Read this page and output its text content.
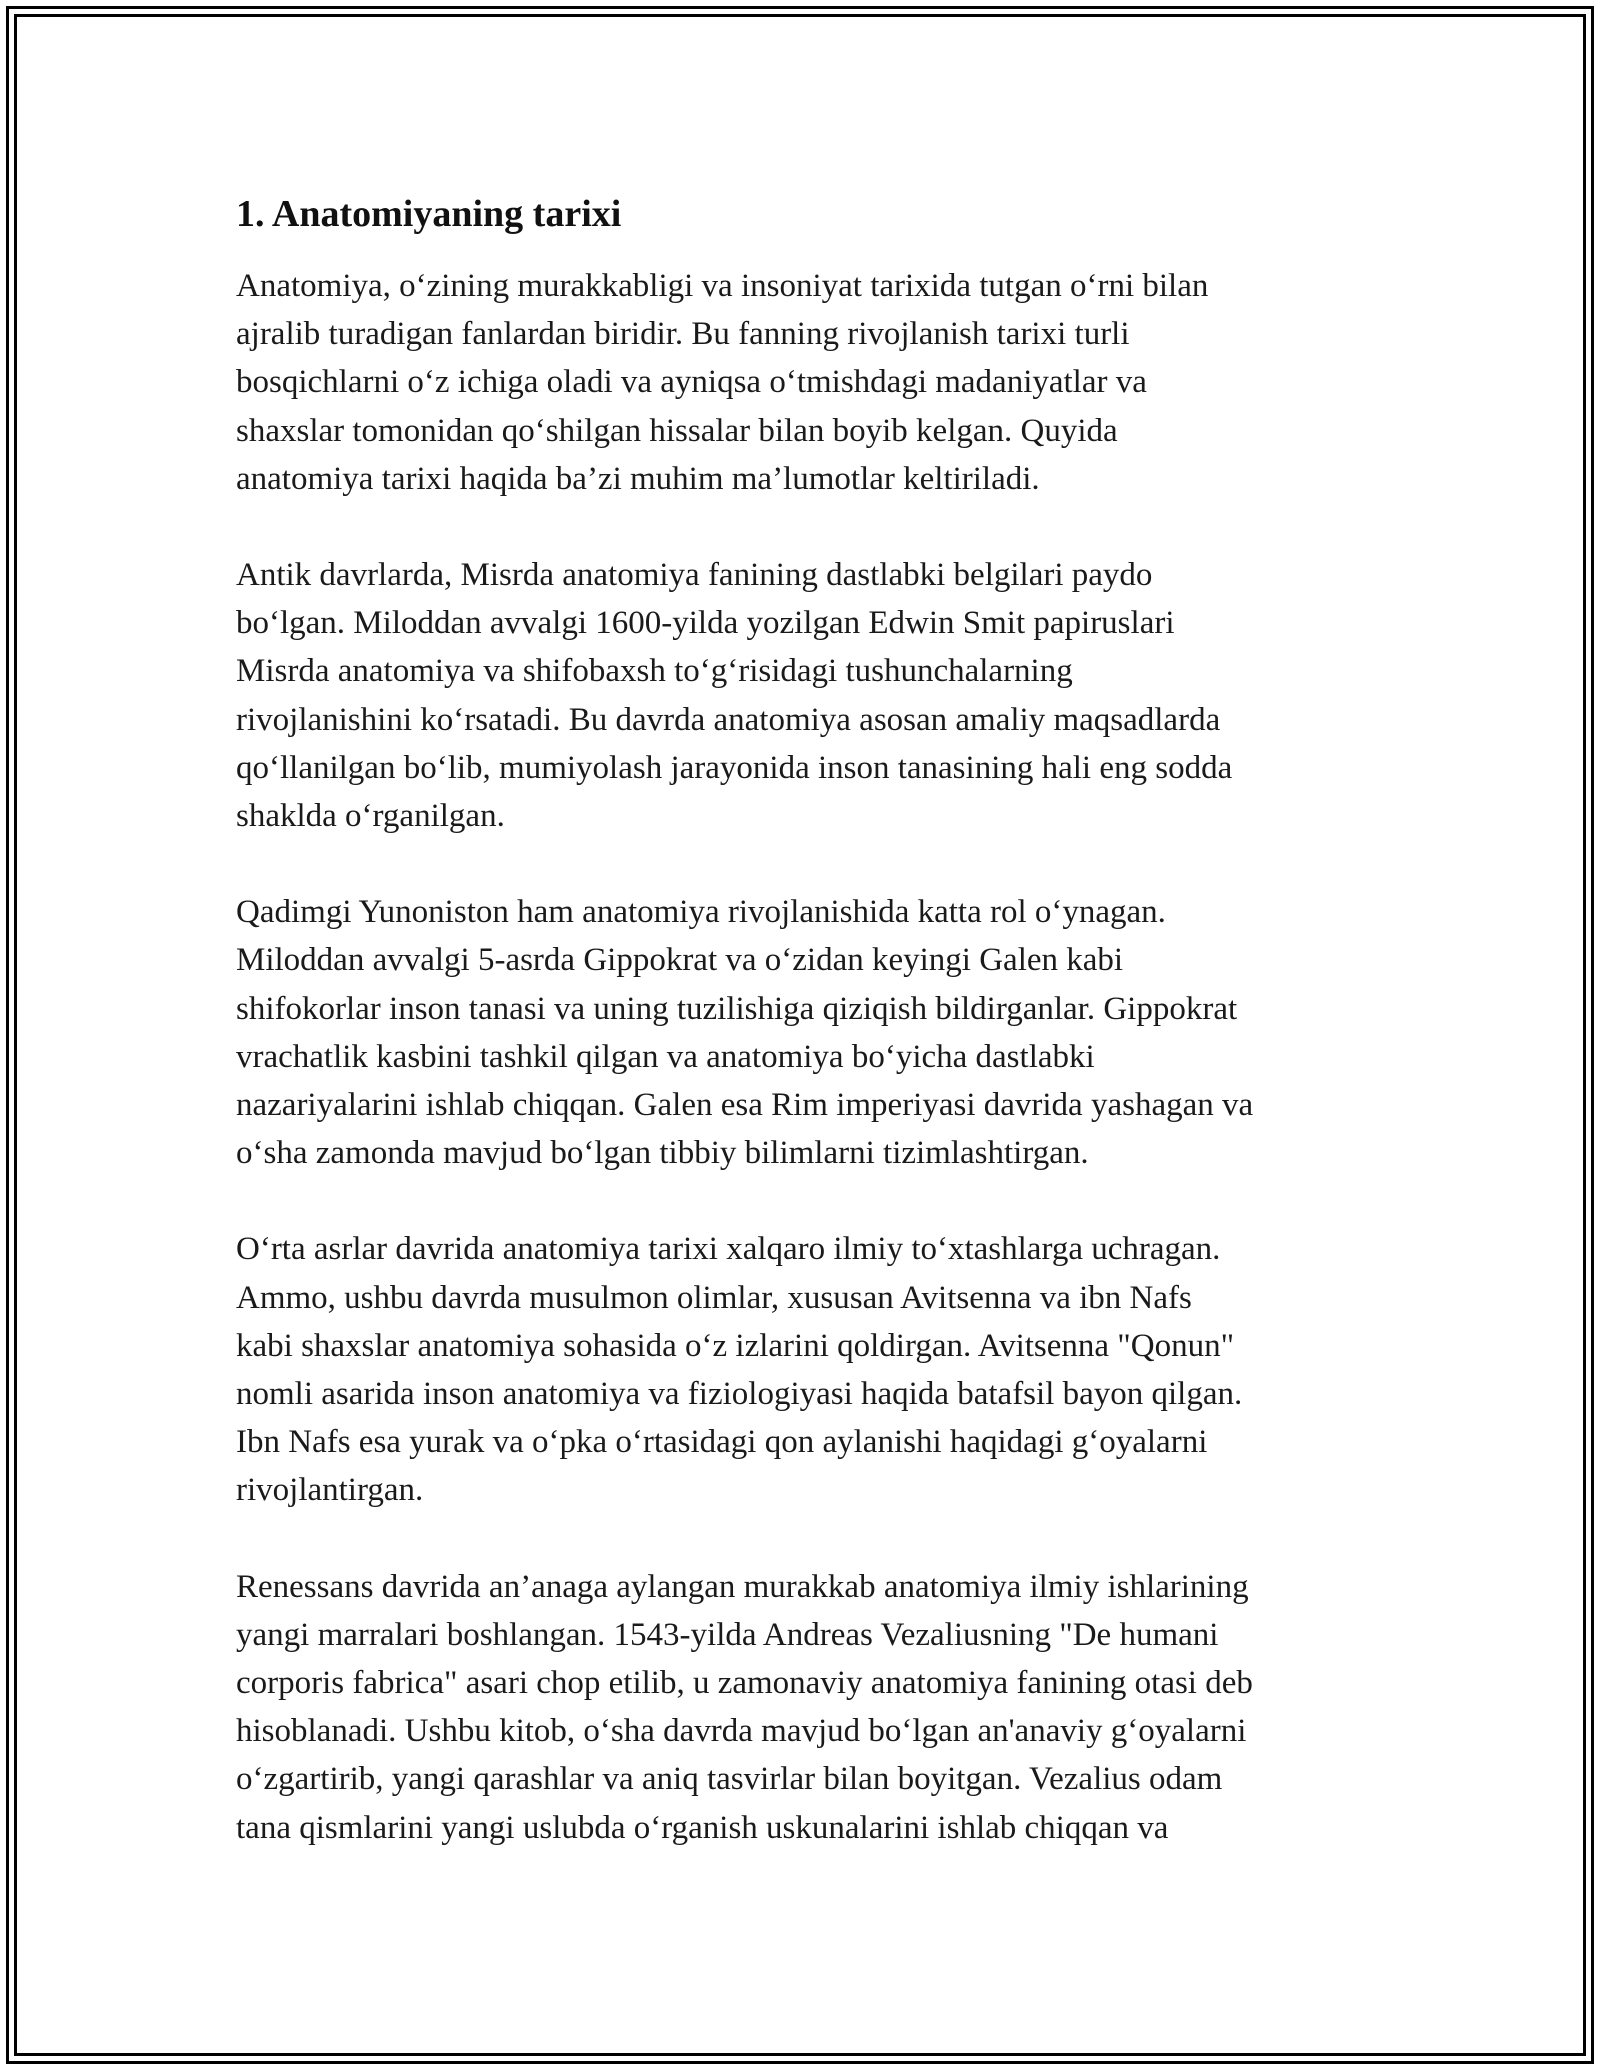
1. Anatomiyaning tarixi
Anatomiya, o‘zining murakkabligi va insoniyat tarixida tutgan o‘rni bilan
ajralib turadigan fanlardan biridir. Bu fanning rivojlanish tarixi turli
bosqichlarni o‘z ichiga oladi va ayniqsa o‘tmishdagi madaniyatlar va
shaxslar tomonidan qo‘shilgan hissalar bilan boyib kelgan. Quyida
anatomiya tarixi haqida ba’zi muhim ma’lumotlar keltiriladi.
Antik davrlarda, Misrda anatomiya fanining dastlabki belgilari paydo
bo‘lgan. Miloddan avvalgi 1600-yilda yozilgan Edwin Smit papiruslari
Misrda anatomiya va shifobaxsh to‘g‘risidagi tushunchalarning
rivojlanishini ko‘rsatadi. Bu davrda anatomiya asosan amaliy maqsadlarda
qo‘llanilgan bo‘lib, mumiyolash jarayonida inson tanasining hali eng sodda
shaklda o‘rganilgan.
Qadimgi Yunoniston ham anatomiya rivojlanishida katta rol o‘ynagan.
Miloddan avvalgi 5-asrda Gippokrat va o‘zidan keyingi Galen kabi
shifokorlar inson tanasi va uning tuzilishiga qiziqish bildirganlar. Gippokrat
vrachatlik kasbini tashkil qilgan va anatomiya bo‘yicha dastlabki
nazariyalarini ishlab chiqqan. Galen esa Rim imperiyasi davrida yashagan va
o‘sha zamonda mavjud bo‘lgan tibbiy bilimlarni tizimlashtirgan.
O‘rta asrlar davrida anatomiya tarixi xalqaro ilmiy to‘xtashlarga uchragan.
Ammo, ushbu davrda musulmon olimlar, xususan Avitsenna va ibn Nafs
kabi shaxslar anatomiya sohasida o‘z izlarini qoldirgan. Avitsenna "Qonun"
nomli asarida inson anatomiya va fiziologiyasi haqida batafsil bayon qilgan.
Ibn Nafs esa yurak va o‘pka o‘rtasidagi qon aylanishi haqidagi g‘oyalarni
rivojlantirgan.
Renessans davrida an’anaga aylangan murakkab anatomiya ilmiy ishlarining
yangi marralari boshlangan. 1543-yilda Andreas Vezaliusning "De humani
corporis fabrica" asari chop etilib, u zamonaviy anatomiya fanining otasi deb
hisoblanadi. Ushbu kitob, o‘sha davrda mavjud bo‘lgan an'anaviy g‘oyalarni
o‘zgartirib, yangi qarashlar va aniq tasvirlar bilan boyitgan. Vezalius odam
tana qismlarini yangi uslubda o‘rganish uskunalarini ishlab chiqqan va
